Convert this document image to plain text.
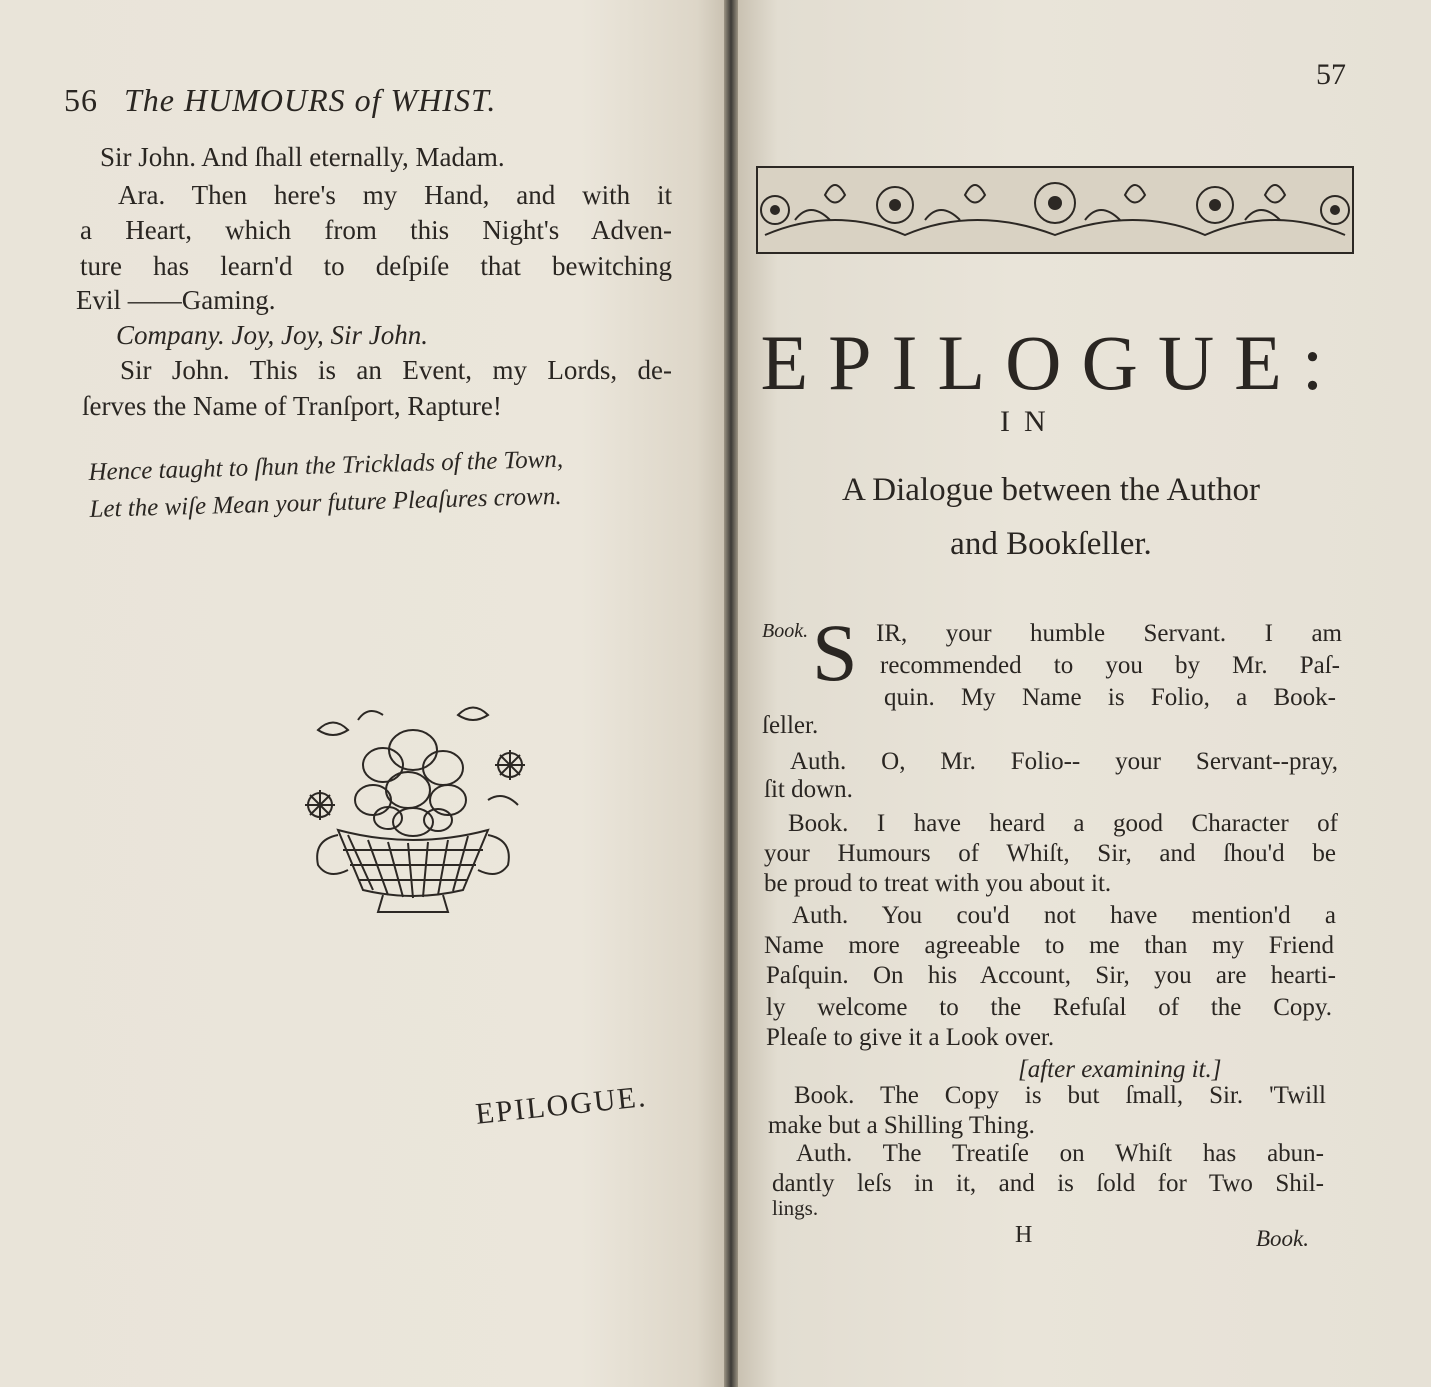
56 The HUMOURS of WHIST.
Sir John. And ſhall eternally, Madam.
Ara. Then here's my Hand, and with it
a Heart, which from this Night's Adven-
ture has learn'd to deſpiſe that bewitching
Evil ——Gaming.
Company. Joy, Joy, Sir John.
Sir John. This is an Event, my Lords, de-
ſerves the Name of Tranſport, Rapture!
Hence taught to ſhun the Tricklads of the Town,
Let the wiſe Mean your future Pleaſures crown.
EPILOGUE.
57
EPILOGUE:
IN
A Dialogue between the Author
and Bookſeller.
Book. S IR, your humble Servant. I am
recommended to you by Mr. Paſ-
quin. My Name is Folio, a Book-
ſeller.
Auth. O, Mr. Folio-- your Servant--pray,
ſit down.
Book. I have heard a good Character of
your Humours of Whiſt, Sir, and ſhou'd be
be proud to treat with you about it.
Auth. You cou'd not have mention'd a
Name more agreeable to me than my Friend
Paſquin. On his Account, Sir, you are hearti-
ly welcome to the Refuſal of the Copy.
Pleaſe to give it a Look over.
[after examining it.]
Book. The Copy is but ſmall, Sir. 'Twill
make but a Shilling Thing.
Auth. The Treatiſe on Whiſt has abun-
dantly leſs in it, and is ſold for Two Shil-
lings.
H	Book.
